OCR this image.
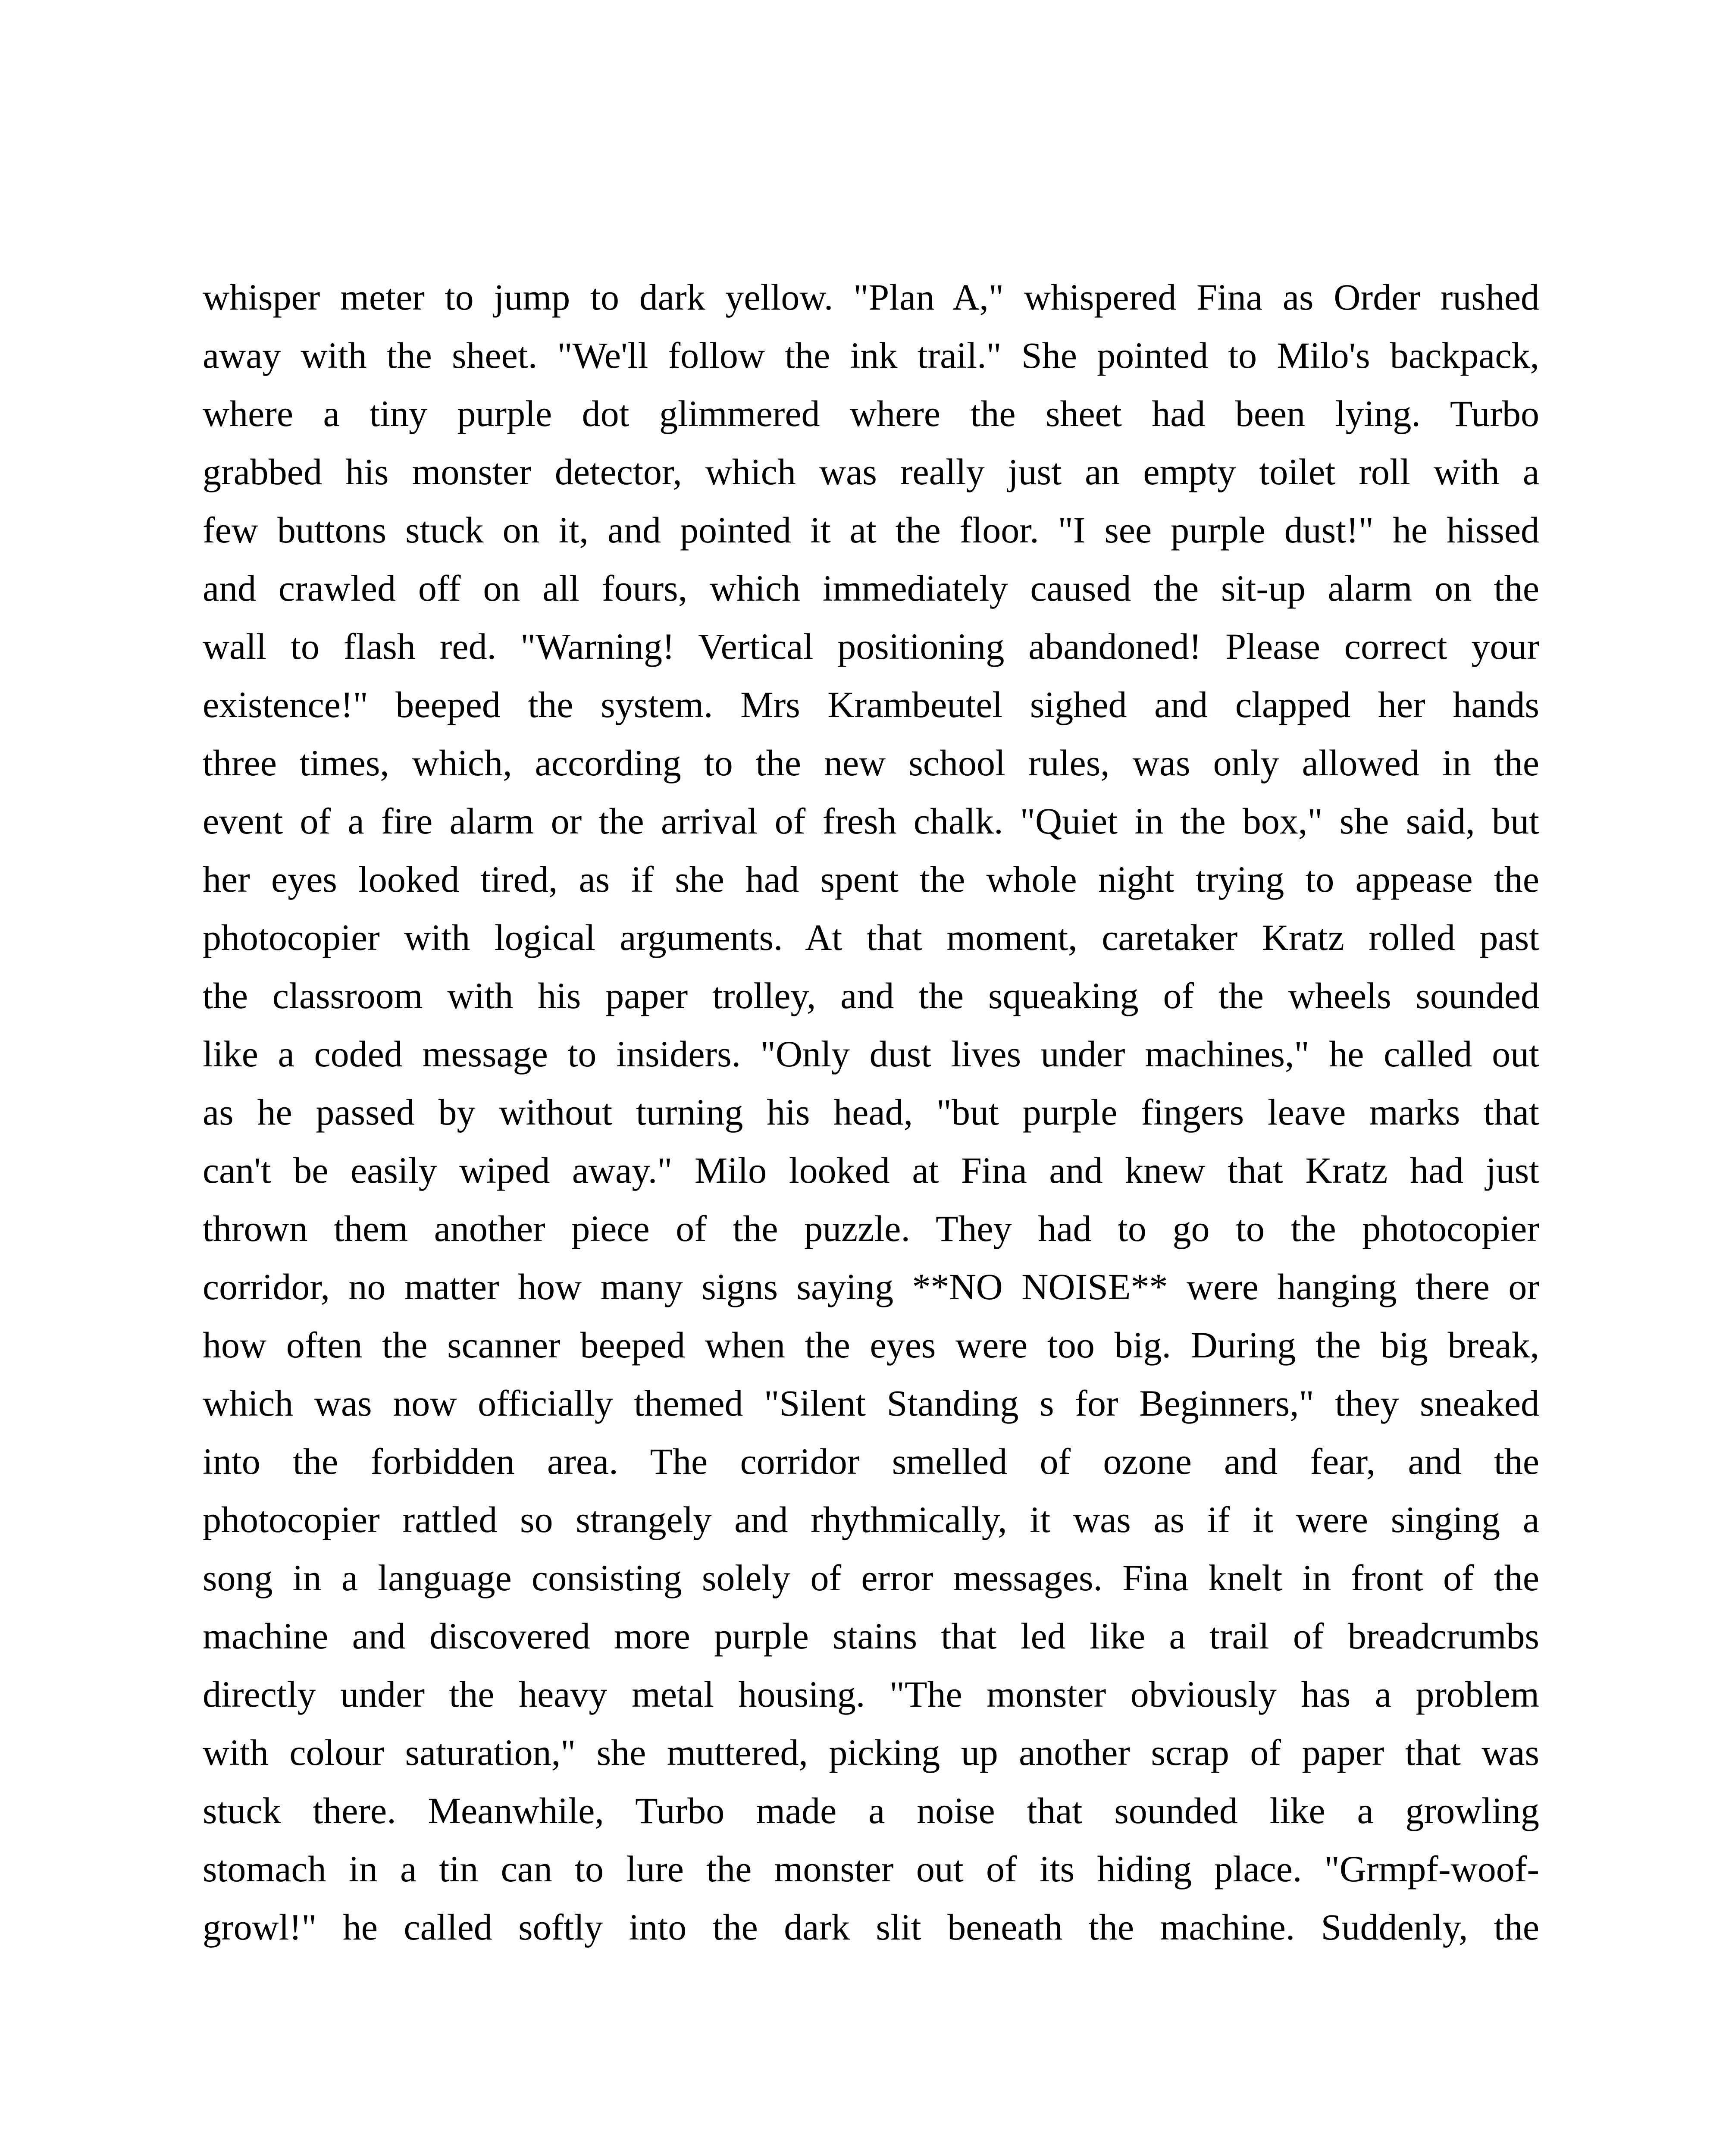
whisper meter to jump to dark yellow. "Plan A," whispered Fina as Order rushed
away with the sheet. "We'll follow the ink trail." She pointed to Milo's backpack,
where a tiny purple dot glimmered where the sheet had been lying. Turbo
grabbed his monster detector, which was really just an empty toilet roll with a
few buttons stuck on it, and pointed it at the floor. "I see purple dust!" he hissed
and crawled off on all fours, which immediately caused the sit-up alarm on the
wall to flash red. "Warning! Vertical positioning abandoned! Please correct your
existence!" beeped the system. Mrs Krambeutel sighed and clapped her hands
three times, which, according to the new school rules, was only allowed in the
event of a fire alarm or the arrival of fresh chalk. "Quiet in the box," she said, but
her eyes looked tired, as if she had spent the whole night trying to appease the
photocopier with logical arguments. At that moment, caretaker Kratz rolled past
the classroom with his paper trolley, and the squeaking of the wheels sounded
like a coded message to insiders. "Only dust lives under machines," he called out
as he passed by without turning his head, "but purple fingers leave marks that
can't be easily wiped away." Milo looked at Fina and knew that Kratz had just
thrown them another piece of the puzzle. They had to go to the photocopier
corridor, no matter how many signs saying **NO NOISE** were hanging there or
how often the scanner beeped when the eyes were too big. During the big break,
which was now officially themed "Silent Standing s for Beginners," they sneaked
into the forbidden area. The corridor smelled of ozone and fear, and the
photocopier rattled so strangely and rhythmically, it was as if it were singing a
song in a language consisting solely of error messages. Fina knelt in front of the
machine and discovered more purple stains that led like a trail of breadcrumbs
directly under the heavy metal housing. "The monster obviously has a problem
with colour saturation," she muttered, picking up another scrap of paper that was
stuck there. Meanwhile, Turbo made a noise that sounded like a growling
stomach in a tin can to lure the monster out of its hiding place. "Grmpf-woof-
growl!" he called softly into the dark slit beneath the machine. Suddenly, the
